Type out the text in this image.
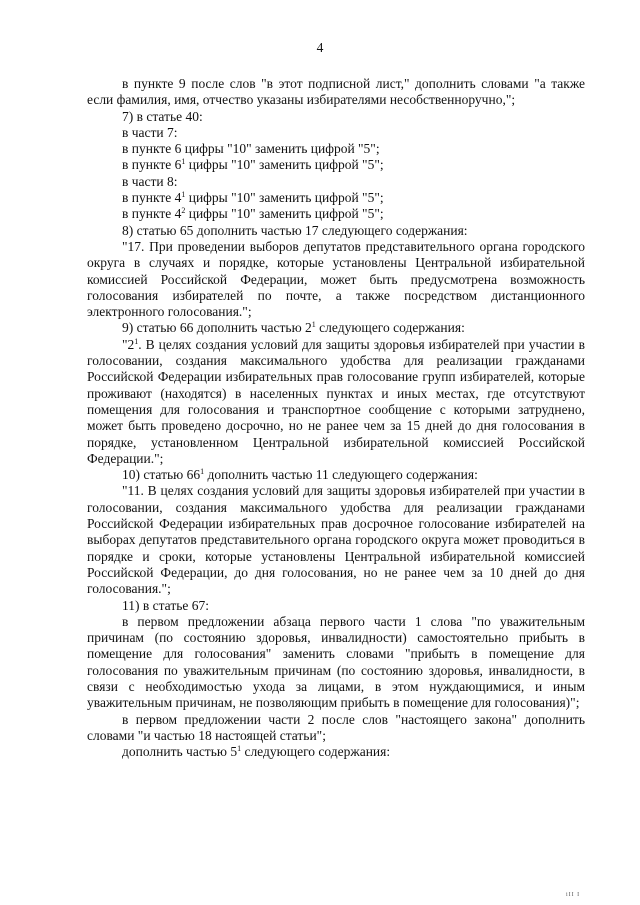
4

в пункте 9 после слов "в этот подписной лист," дополнить словами "а также если фамилия, имя, отчество указаны избирателями несобственноручно,";

7) в статье 40:

в части 7:

в пункте 6 цифры "10" заменить цифрой "5";

в пункте $6^1$ цифры "10" заменить цифрой "5";

в части 8:

в пункте $4^1$ цифры "10" заменить цифрой "5";

в пункте $4^2$ цифры "10" заменить цифрой "5";

8) статью 65 дополнить частью 17 следующего содержания:

"17. При проведении выборов депутатов представительного органа городского округа в случаях и порядке, которые установлены Центральной избирательной комиссией Российской Федерации, может быть предусмотрена возможность голосования избирателей по почте, а также посредством дистанционного электронного голосования.";

9) статью 66 дополнить частью $2^1$ следующего содержания:

"$2^1$. В целях создания условий для защиты здоровья избирателей при участии в голосовании, создания максимального удобства для реализации гражданами Российской Федерации избирательных прав голосование групп избирателей, которые проживают (находятся) в населенных пунктах и иных местах, где отсутствуют помещения для голосования и транспортное сообщение с которыми затруднено, может быть проведено досрочно, но не ранее чем за 15 дней до дня голосования в порядке, установленном Центральной избирательной комиссией Российской Федерации.";

10) статью $66^1$ дополнить частью 11 следующего содержания:

"11. В целях создания условий для защиты здоровья избирателей при участии в голосовании, создания максимального удобства для реализации гражданами Российской Федерации избирательных прав досрочное голосование избирателей на выборах депутатов представительного органа городского округа может проводиться в порядке и сроки, которые установлены Центральной избирательной комиссией Российской Федерации, до дня голосования, но не ранее чем за 10 дней до дня голосования.";

11) в статье 67:

в первом предложении абзаца первого части 1 слова "по уважительным причинам (по состоянию здоровья, инвалидности) самостоятельно прибыть в помещение для голосования" заменить словами "прибыть в помещение для голосования по уважительным причинам (по состоянию здоровья, инвалидности, в связи с необходимостью ухода за лицами, в этом нуждающимися, и иным уважительным причинам, не позволяющим прибыть в помещение для голосования)";

в первом предложении части 2 после слов "настоящего закона" дополнить словами "и частью 18 настоящей статьи";

дополнить частью $5^1$ следующего содержания:

іІІ І
